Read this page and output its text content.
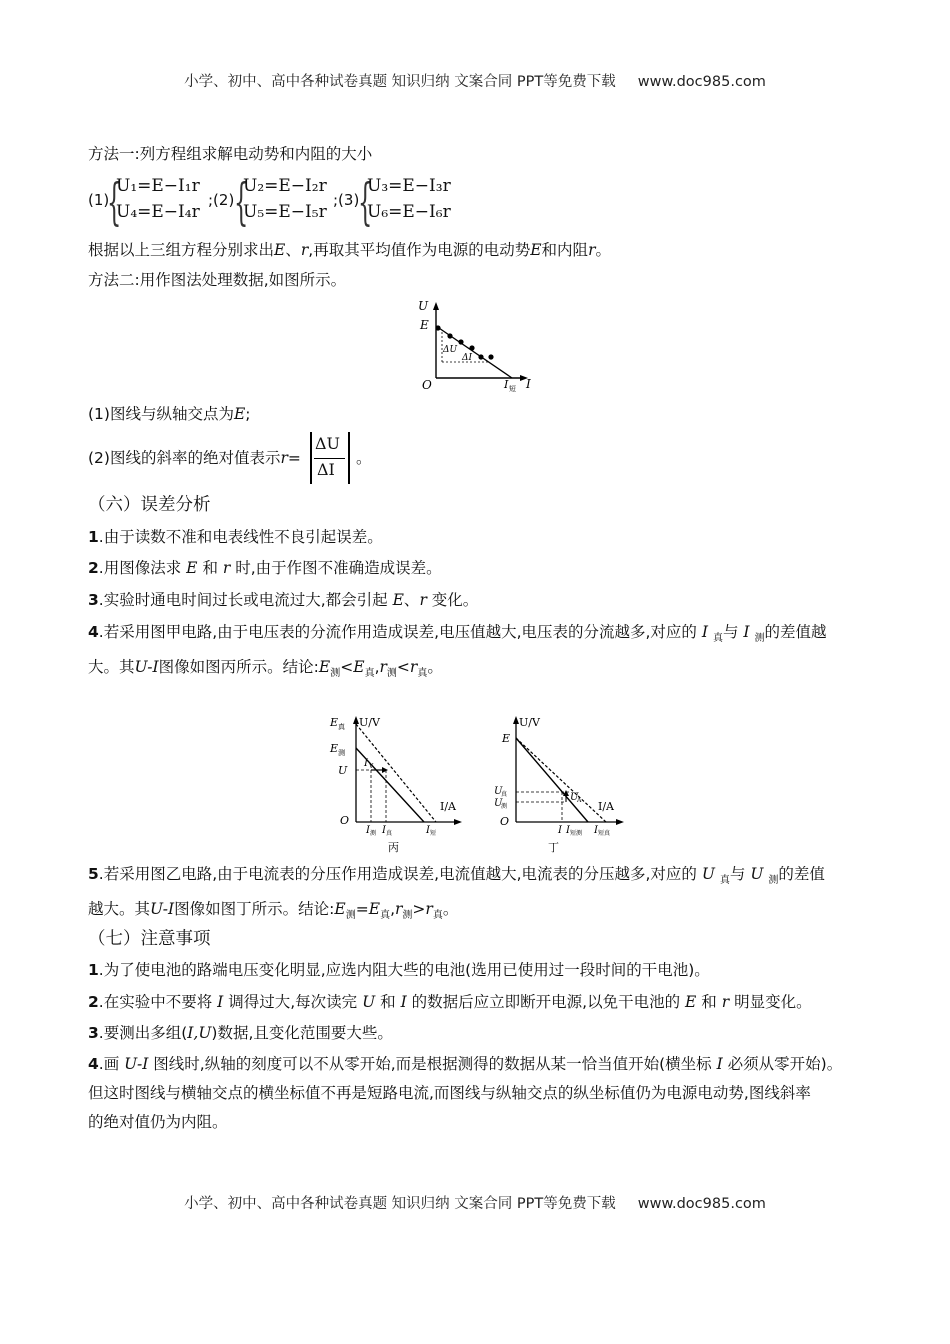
小学、初中、高中各种试卷真题 知识归纳 文案合同 PPT等免费下载 www.doc985.com
方法一:列方程组求解电动势和内阻的大小
(1)
{
U₁=E−I₁r
U₄=E−I₄r
;(2) {
U₂=E−I₂r
U₅=E−I₅r
;(3)
{
U₃=E−I₃r
U₆=E−I₆r
根据以上三组方程分别求出E、r,再取其平均值作为电源的电动势E和内阻r。
方法二:用作图法处理数据,如图所示。
U
E
O	I
I 短
ΔU
ΔI
(1)图线与纵轴交点为E;
(2)图线的斜率的绝对值表示r=
ΔU
ΔI
。
（六）误差分析
1.由于读数不准和电表线性不良引起误差。
2.用图像法求 E 和 r 时,由于作图不准确造成误差。
3.实验时通电时间过长或电流过大,都会引起 E、r 变化。
4.若采用图甲电路,由于电压表的分流作用造成误差,电压值越大,电压表的分流越多,对应的 I $_真$与 I $_测$的差值越
大。其U-I图像如图丙所示。结论$:E_测<E_真,r_测<r_真$。
E 真 U/V
E 测
U
I V
I/A
O
I 测 I 真	I 短
丙
U/V
E
U
真
U
测
U
A I/A
O
I I 短测 I 短真
丁
5.若采用图乙电路,由于电流表的分压作用造成误差,电流值越大,电流表的分压越多,对应的 U $_真$与 U $_测$的差值
越大。其U-I图像如图丁所示。结论$:E_测=E_真,r_测>r_真$。
（七）注意事项
1.为了使电池的路端电压变化明显,应选内阻大些的电池(选用已使用过一段时间的干电池)。
2.在实验中不要将 I 调得过大,每次读完 U 和 I 的数据后应立即断开电源,以免干电池的 E 和 r 明显变化。
3.要测出多组(I,U)数据,且变化范围要大些。
4.画 U-I 图线时,纵轴的刻度可以不从零开始,而是根据测得的数据从某一恰当值开始(横坐标 I 必须从零开始)。
但这时图线与横轴交点的横坐标值不再是短路电流,而图线与纵轴交点的纵坐标值仍为电源电动势,图线斜率
的绝对值仍为内阻。
小学、初中、高中各种试卷真题 知识归纳 文案合同 PPT等免费下载 www.doc985.com
